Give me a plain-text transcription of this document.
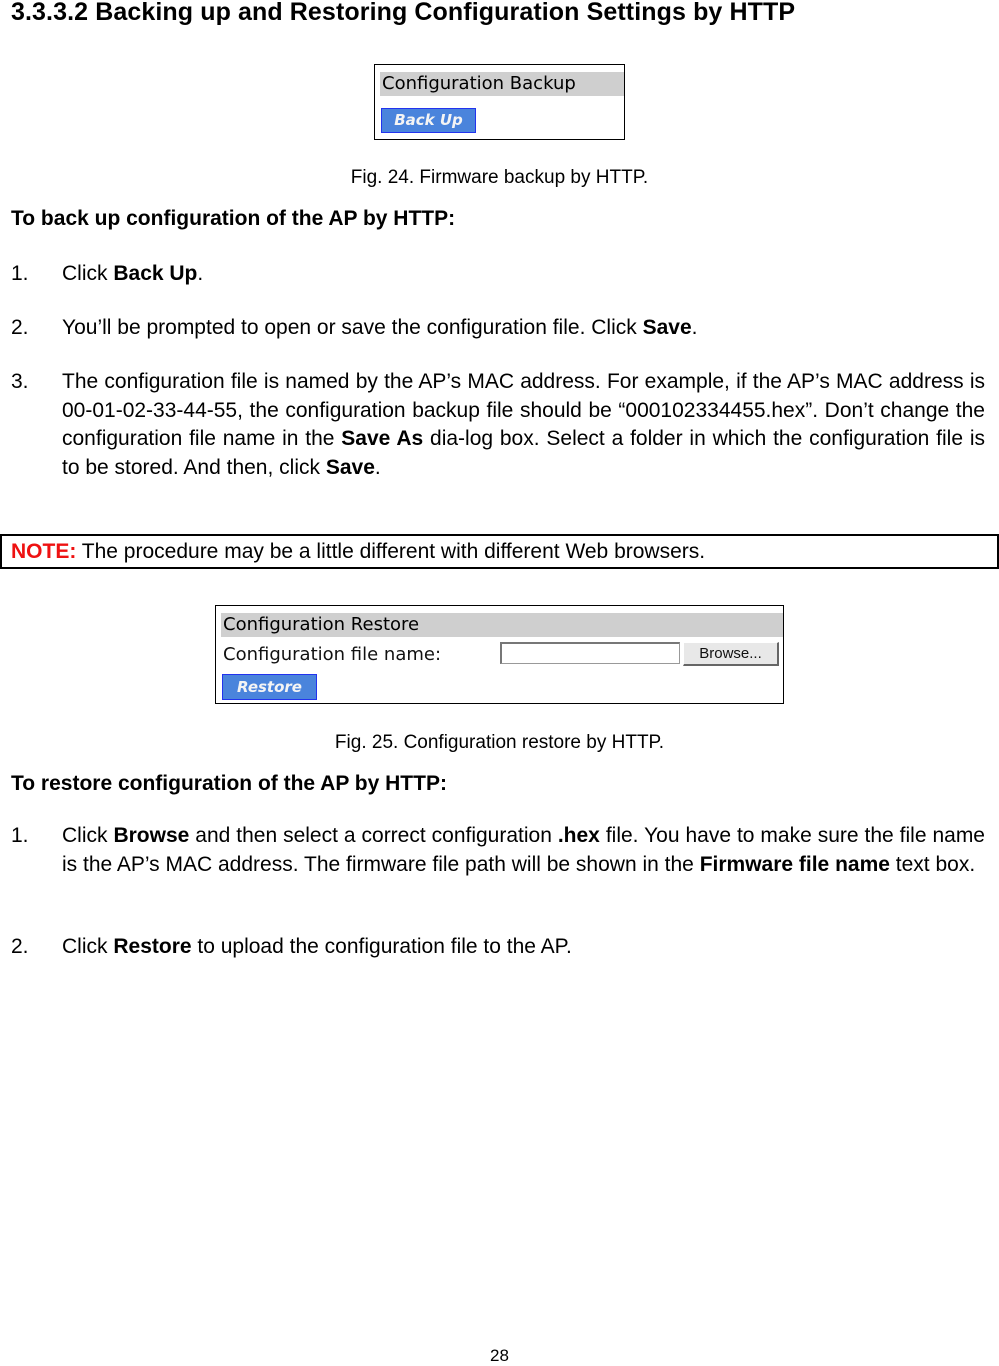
3.3.3.2 Backing up and Restoring Configuration Settings by HTTP
Configuration Backup
Back Up
Fig. 24. Firmware backup by HTTP.
To back up configuration of the AP by HTTP:
1. Click Back Up.
2. You’ll be prompted to open or save the configuration file. Click Save.
3. The configuration file is named by the AP’s MAC address. For example, if the AP’s MAC address is 00-01-02-33-44-55, the configuration backup file should be “000102334455.hex”. Don’t change the configuration file name in the Save As dia-log box. Select a folder in which the configuration file is to be stored. And then, click Save.
NOTE: The procedure may be a little different with different Web browsers.
Configuration Restore
Configuration file name:	Browse...
Restore
Fig. 25. Configuration restore by HTTP.
To restore configuration of the AP by HTTP:
1. Click Browse and then select a correct configuration .hex file. You have to make sure the file name is the AP’s MAC address. The firmware file path will be shown in the Firmware file name text box.
2. Click Restore to upload the configuration file to the AP.
28
